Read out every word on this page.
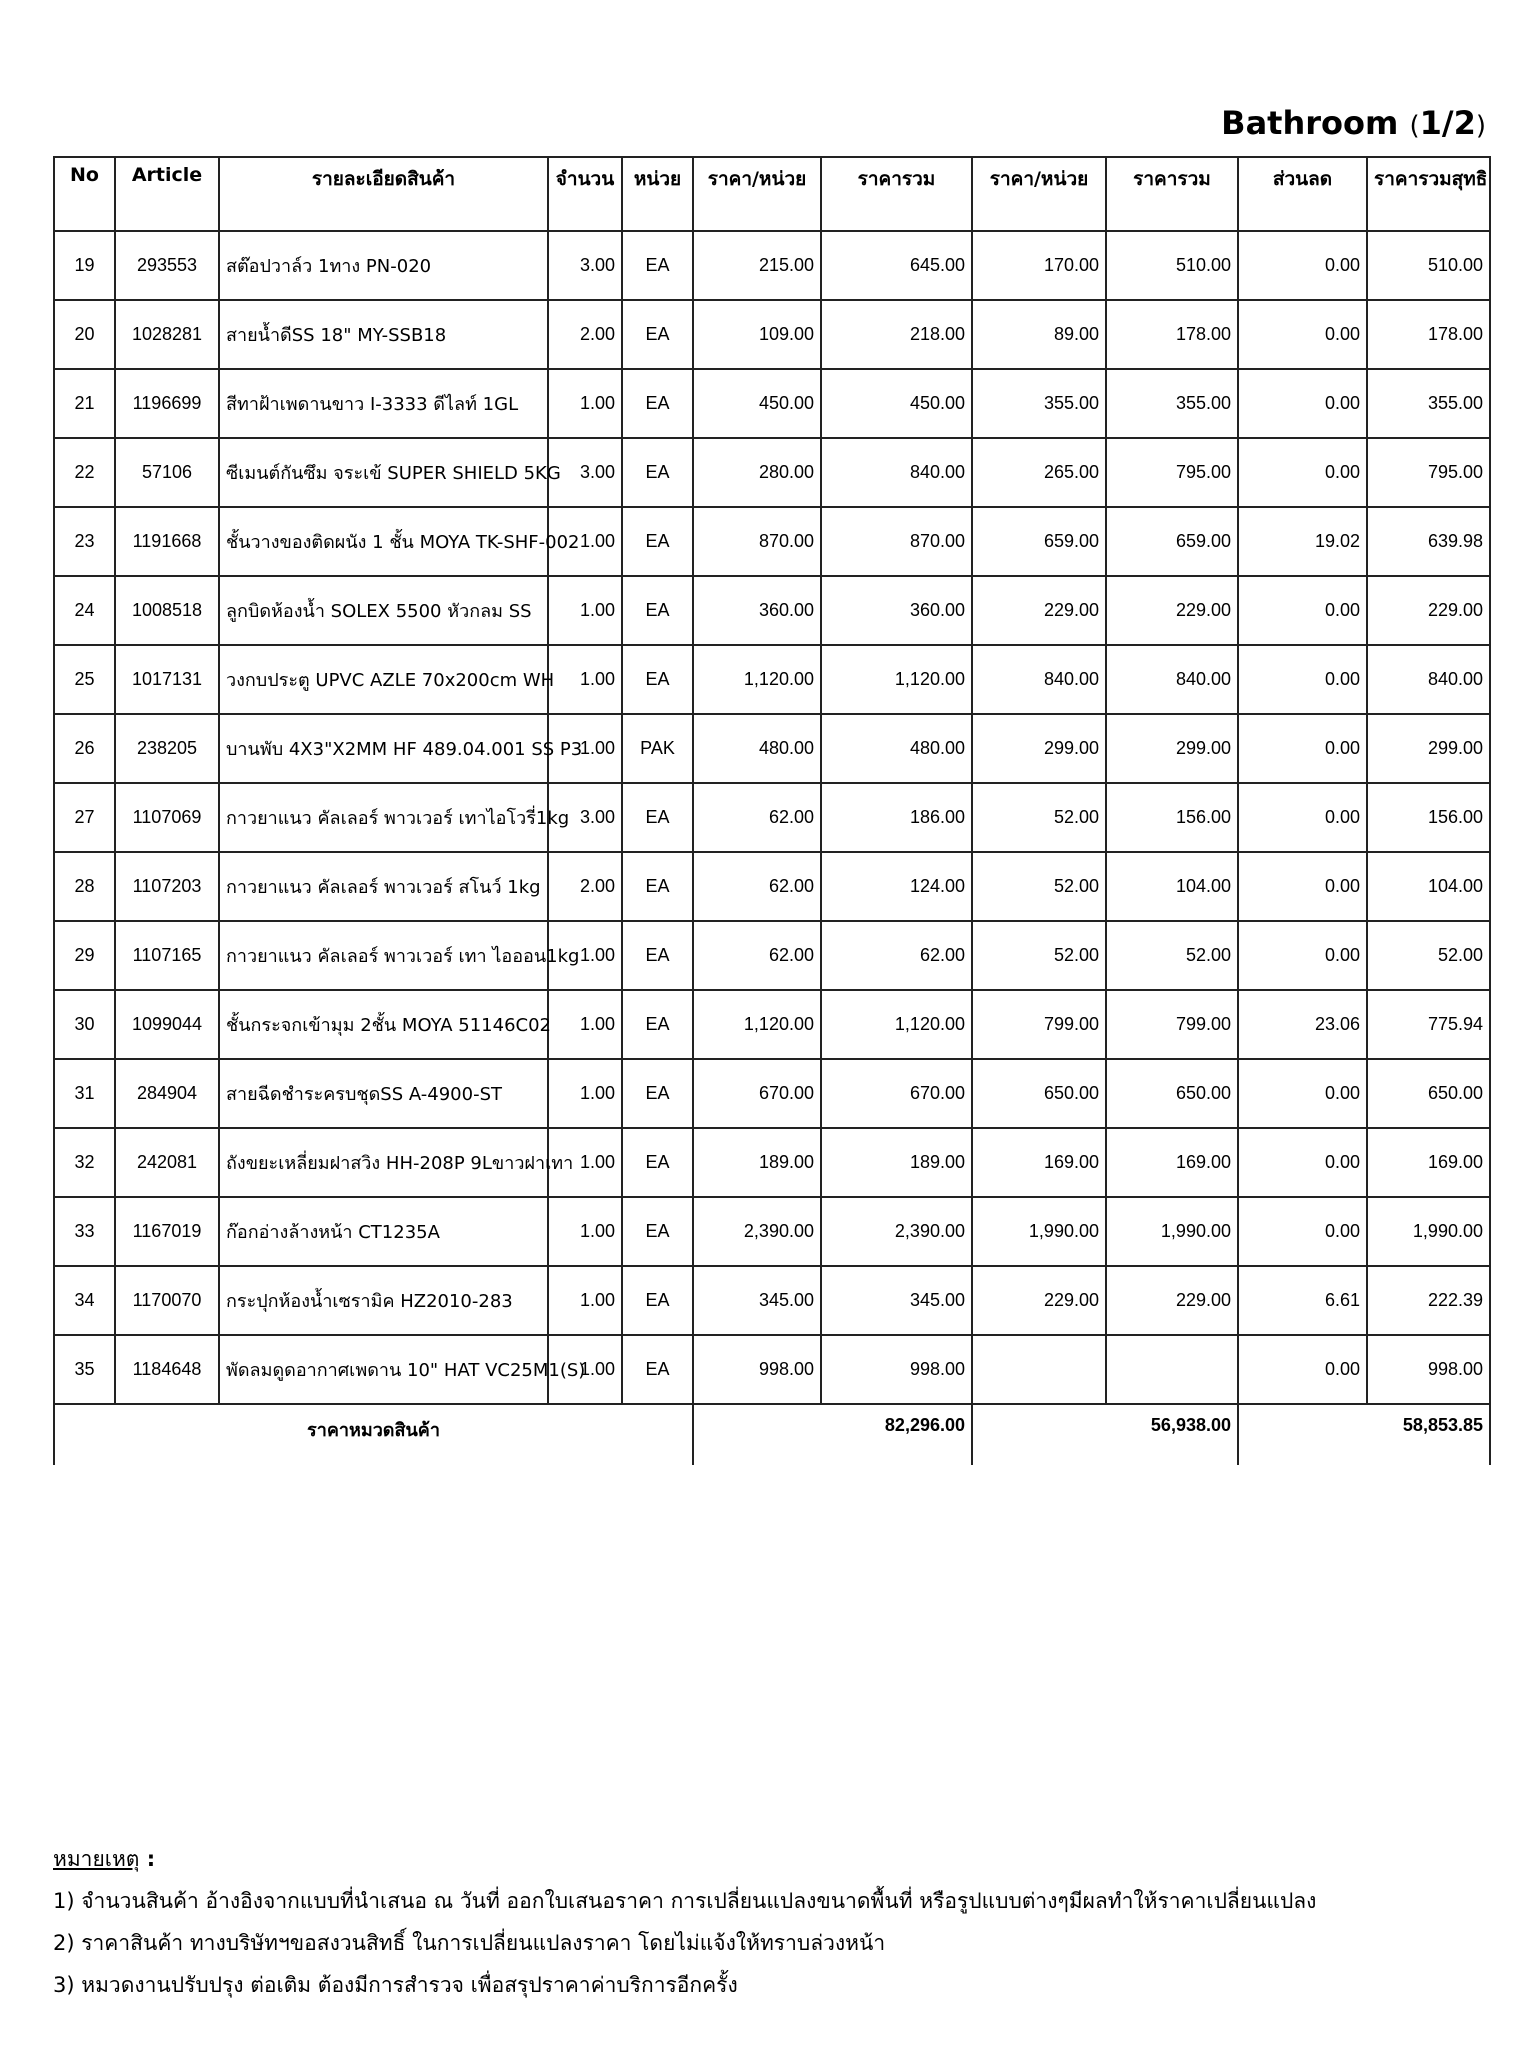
Bathroom (1/2)
No	Article	รายละเอียดสินค้า	จำนวน	หน่วย	ราคา/หน่วย	ราคารวม	ราคา/หน่วย	ราคารวม	ส่วนลด	ราคารวมสุทธิ
19	293553	สต๊อปวาล์ว 1ทาง PN-020	3.00	EA	215.00	645.00	170.00	510.00	0.00	510.00
20	1028281	สายน้ำดีSS 18" MY-SSB18	2.00	EA	109.00	218.00	89.00	178.00	0.00	178.00
21	1196699	สีทาฝ้าเพดานขาว I-3333 ดีไลท์ 1GL	1.00	EA	450.00	450.00	355.00	355.00	0.00	355.00
22	57106	ซีเมนต์กันซึม จระเข้ SUPER SHIELD 5KG	3.00	EA	280.00	840.00	265.00	795.00	0.00	795.00
23	1191668	ชั้นวางของติดผนัง 1 ชั้น MOYA TK-SHF-002	1.00	EA	870.00	870.00	659.00	659.00	19.02	639.98
24	1008518	ลูกบิดห้องน้ำ SOLEX 5500 หัวกลม SS	1.00	EA	360.00	360.00	229.00	229.00	0.00	229.00
25	1017131	วงกบประตู UPVC AZLE 70x200cm WH	1.00	EA	1,120.00	1,120.00	840.00	840.00	0.00	840.00
26	238205	บานพับ 4X3"X2MM HF 489.04.001 SS P3	1.00	PAK	480.00	480.00	299.00	299.00	0.00	299.00
27	1107069	กาวยาแนว คัลเลอร์ พาวเวอร์ เทาไอโวรี่1kg	3.00	EA	62.00	186.00	52.00	156.00	0.00	156.00
28	1107203	กาวยาแนว คัลเลอร์ พาวเวอร์ สโนว์ 1kg	2.00	EA	62.00	124.00	52.00	104.00	0.00	104.00
29	1107165	กาวยาแนว คัลเลอร์ พาวเวอร์ เทา ไอออน1kg	1.00	EA	62.00	62.00	52.00	52.00	0.00	52.00
30	1099044	ชั้นกระจกเข้ามุม 2ชั้น MOYA 51146C02	1.00	EA	1,120.00	1,120.00	799.00	799.00	23.06	775.94
31	284904	สายฉีดชำระครบชุดSS A-4900-ST	1.00	EA	670.00	670.00	650.00	650.00	0.00	650.00
32	242081	ถังขยะเหลี่ยมฝาสวิง HH-208P 9Lขาวฝาเทา	1.00	EA	189.00	189.00	169.00	169.00	0.00	169.00
33	1167019	ก๊อกอ่างล้างหน้า CT1235A	1.00	EA	2,390.00	2,390.00	1,990.00	1,990.00	0.00	1,990.00
34	1170070	กระปุกห้องน้ำเซรามิค HZ2010-283	1.00	EA	345.00	345.00	229.00	229.00	6.61	222.39
35	1184648	พัดลมดูดอากาศเพดาน 10" HAT VC25M1(S)	1.00	EA	998.00	998.00			0.00	998.00
ราคาหมวดสินค้า					82,296.00		56,938.00		58,853.85	
หมายเหตุ :
1) จำนวนสินค้า อ้างอิงจากแบบที่นำเสนอ ณ วันที่ ออกใบเสนอราคา การเปลี่ยนแปลงขนาดพื้นที่ หรือรูปแบบต่างๆมีผลทำให้ราคาเปลี่ยนแปลง
2) ราคาสินค้า ทางบริษัทฯขอสงวนสิทธิ์ ในการเปลี่ยนแปลงราคา โดยไม่แจ้งให้ทราบล่วงหน้า
3) หมวดงานปรับปรุง ต่อเติม ต้องมีการสำรวจ เพื่อสรุปราคาค่าบริการอีกครั้ง
